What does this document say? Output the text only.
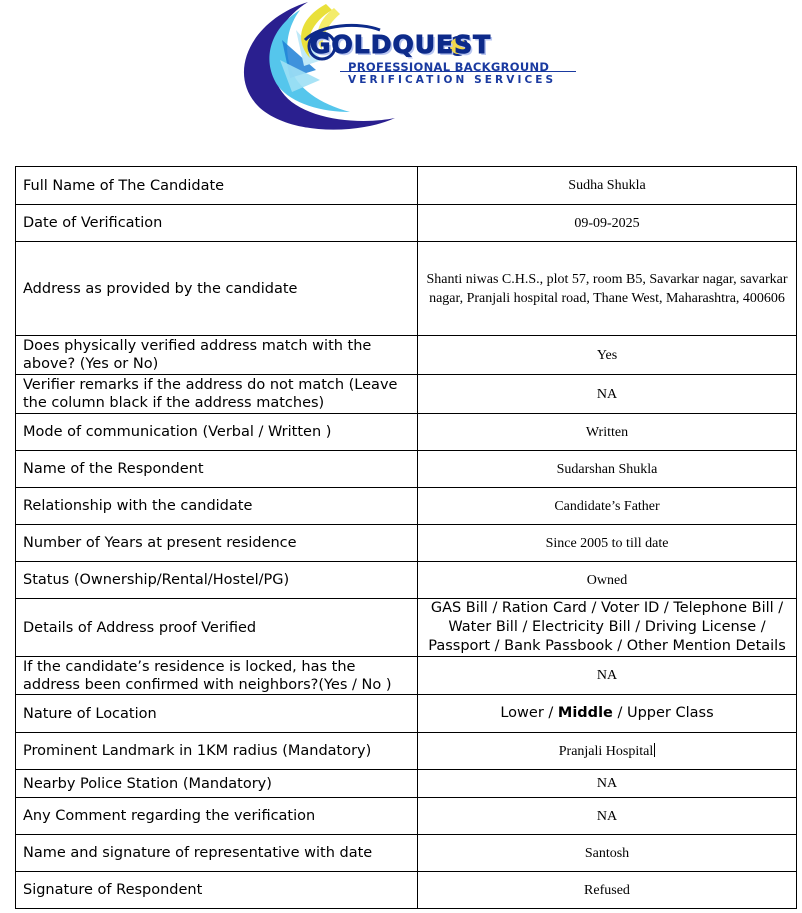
GOLDQUEST
PROFESSIONAL BACKGROUND
VERIFICATION SERVICES
Full Name of The Candidate	Sudha Shukla
Date of Verification	09-09-2025
Address as provided by the candidate	Shanti niwas C.H.S., plot 57, room B5, Savarkar nagar, savarkar nagar, Pranjali hospital road, Thane West, Maharashtra, 400606
Does physically verified address match with the above? (Yes or No)	Yes
Verifier remarks if the address do not match (Leave the column black if the address matches)	NA
Mode of communication (Verbal / Written )	Written
Name of the Respondent	Sudarshan Shukla
Relationship with the candidate	Candidate’s Father
Number of Years at present residence	Since 2005 to till date
Status (Ownership/Rental/Hostel/PG)	Owned
Details of Address proof Verified	GAS Bill / Ration Card / Voter ID / Telephone Bill / Water Bill / Electricity Bill / Driving License / Passport / Bank Passbook / Other Mention Details
If the candidate’s residence is locked, has the address been confirmed with neighbors?(Yes / No )	NA
Nature of Location	Lower / Middle / Upper Class
Prominent Landmark in 1KM radius (Mandatory)	Pranjali Hospital
Nearby Police Station (Mandatory)	NA
Any Comment regarding the verification	NA
Name and signature of representative with date	Santosh
Signature of Respondent	Refused
